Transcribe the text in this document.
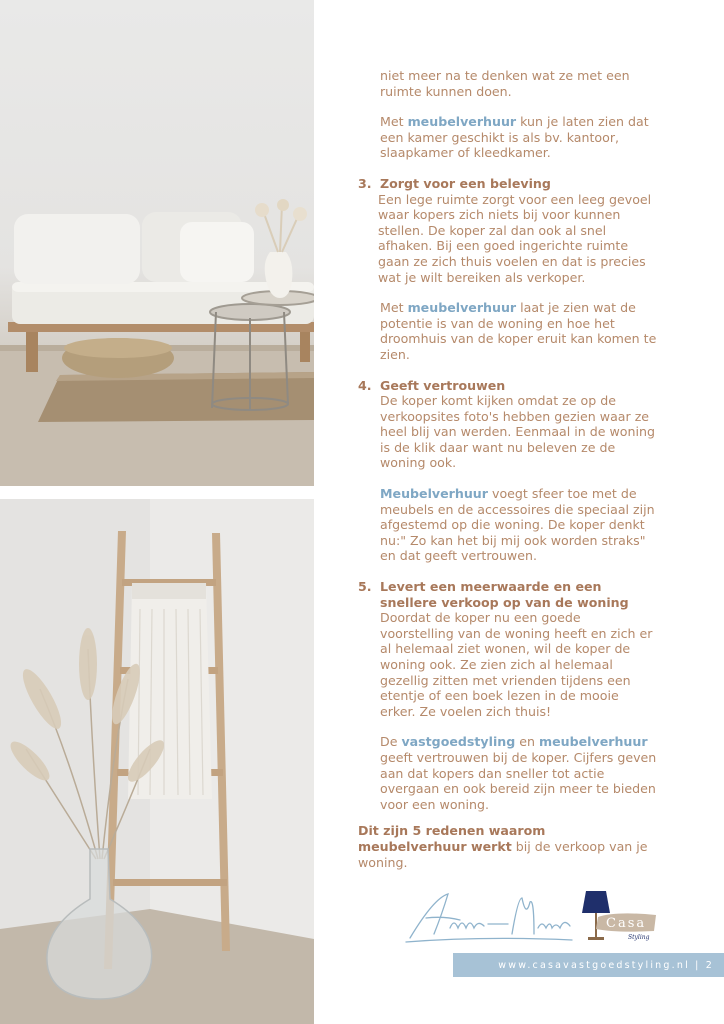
niet meer na te denken wat ze met een ruimte kunnen doen.

Met meubelverhuur kun je laten zien dat een kamer geschikt is als bv. kantoor, slaapkamer of kleedkamer.

3. Zorgt voor een beleving

Een lege ruimte zorgt voor een leeg gevoel waar kopers zich niets bij voor kunnen stellen. De koper zal dan ook al snel afhaken. Bij een goed ingerichte ruimte gaan ze zich thuis voelen en dat is precies wat je wilt bereiken als verkoper.

Met meubelverhuur laat je zien wat de potentie is van de woning en hoe het droomhuis van de koper eruit kan komen te zien.

4. Geeft vertrouwen

De koper komt kijken omdat ze op de verkoopsites foto's hebben gezien waar ze heel blij van werden. Eenmaal in de woning is de klik daar want nu beleven ze de woning ook.

Meubelverhuur voegt sfeer toe met de meubels en de accessoires die speciaal zijn afgestemd op die woning. De koper denkt nu:" Zo kan het bij mij ook worden straks" en dat geeft vertrouwen.

5. Levert een meerwaarde en een snellere verkoop op van de woning

Doordat de koper nu een goede voorstelling van de woning heeft en zich er al helemaal ziet wonen, wil de koper de woning ook. Ze zien zich al helemaal gezellig zitten met vrienden tijdens een etentje of een boek lezen in de mooie erker. Ze voelen zich thuis!

De vastgoedstyling en meubelverhuur geeft vertrouwen bij de koper. Cijfers geven aan dat kopers dan sneller tot actie overgaan en ook bereid zijn meer te bieden voor een woning.

Dit zijn 5 redenen waarom meubelverhuur werkt bij de verkoop van je woning.

Casa
Styling
www.casavastgoedstyling.nl | 2
